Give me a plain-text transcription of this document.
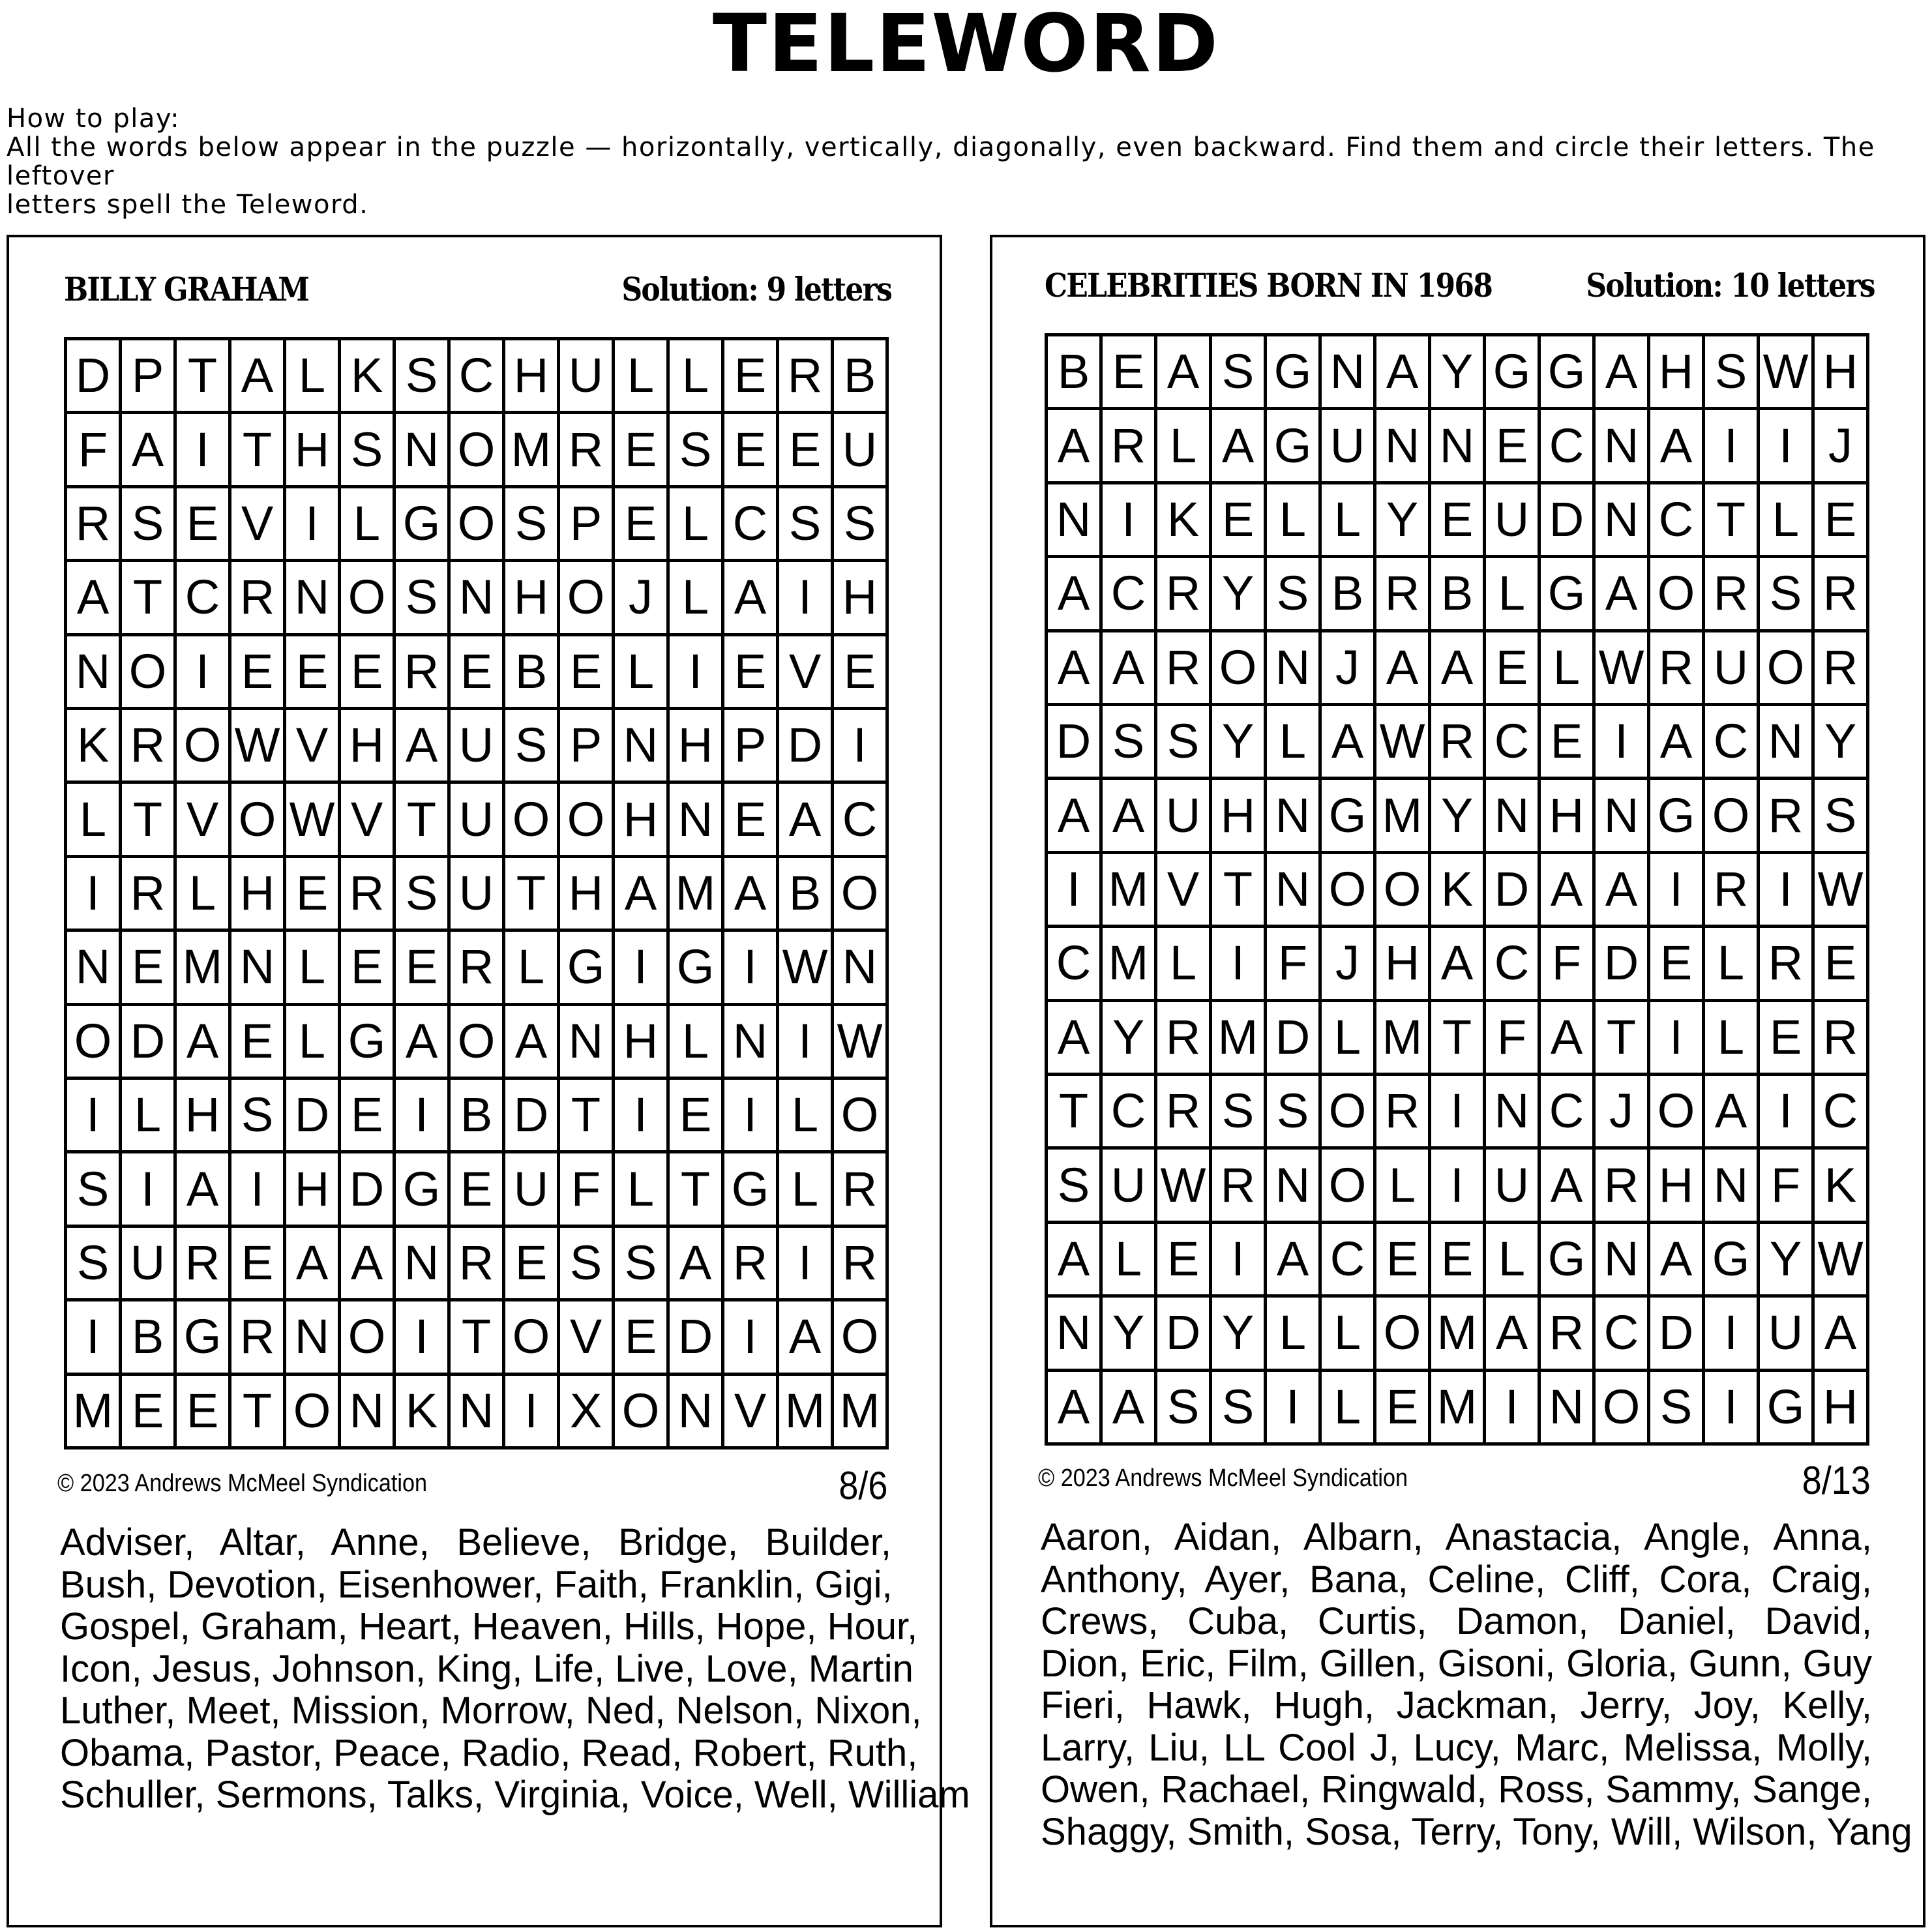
TELEWORD
How to play:
All the words below appear in the puzzle — horizontally, vertically, diagonally, even backward. Find them and circle their letters. The leftover
letters spell the Teleword.
BILLY GRAHAM	Solution: 9 letters
D P T A L K S C H U L L E R B
F A I T H S N O M R E S E E U
R S E V I L G O S P E L C S S
A T C R N O S N H O J L A I H
N O I E E E R E B E L I E V E
K R O W V H A U S P N H P D I
L T V O W V T U O O H N E A C
I R L H E R S U T H A M A B O
N E M N L E E R L G I G I W N
O D A E L G A O A N H L N I W
I L H S D E I B D T I E I L O
S I A I H D G E U F L T G L R
S U R E A A N R E S S A R I R
I B G R N O I T O V E D I A O
M E E T O N K N I X O N V M M
© 2023 Andrews McMeel Syndication	8/6
Adviser, Altar, Anne, Believe, Bridge, Builder,
Bush, Devotion, Eisenhower, Faith, Franklin, Gigi,
Gospel, Graham, Heart, Heaven, Hills, Hope, Hour,
Icon, Jesus, Johnson, King, Life, Live, Love, Martin
Luther, Meet, Mission, Morrow, Ned, Nelson, Nixon,
Obama, Pastor, Peace, Radio, Read, Robert, Ruth,
Schuller, Sermons, Talks, Virginia, Voice, Well, William
CELEBRITIES BORN IN 1968	Solution: 10 letters
B E A S G N A Y G G A H S W H
A R L A G U N N E C N A I I J
N I K E L L Y E U D N C T L E
A C R Y S B R B L G A O R S R
A A R O N J A A E L W R U O R
D S S Y L A W R C E I A C N Y
A A U H N G M Y N H N G O R S
I M V T N O O K D A A I R I W
C M L I F J H A C F D E L R E
A Y R M D L M T F A T I L E R
T C R S S O R I N C J O A I C
S U W R N O L I U A R H N F K
A L E I A C E E L G N A G Y W
N Y D Y L L O M A R C D I U A
A A S S I L E M I N O S I G H
© 2023 Andrews McMeel Syndication	8/13
Aaron, Aidan, Albarn, Anastacia, Angle, Anna,
Anthony, Ayer, Bana, Celine, Cliff, Cora, Craig,
Crews, Cuba, Curtis, Damon, Daniel, David,
Dion, Eric, Film, Gillen, Gisoni, Gloria, Gunn, Guy
Fieri, Hawk, Hugh, Jackman, Jerry, Joy, Kelly,
Larry, Liu, LL Cool J, Lucy, Marc, Melissa, Molly,
Owen, Rachael, Ringwald, Ross, Sammy, Sange,
Shaggy, Smith, Sosa, Terry, Tony, Will, Wilson, Yang
